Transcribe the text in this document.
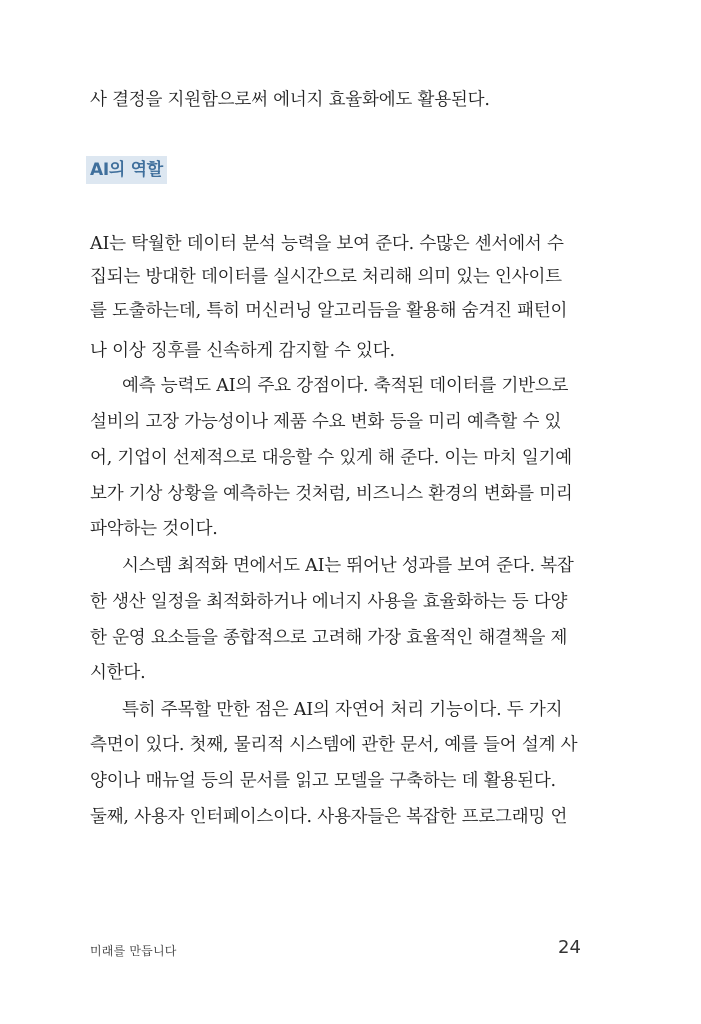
사 결정을 지원함으로써 에너지 효율화에도 활용된다.
AI의 역할
AI는 탁월한 데이터 분석 능력을 보여 준다. 수많은 센서에서 수
집되는 방대한 데이터를 실시간으로 처리해 의미 있는 인사이트
를 도출하는데, 특히 머신러닝 알고리듬을 활용해 숨겨진 패턴이
나 이상 징후를 신속하게 감지할 수 있다.
예측 능력도 AI의 주요 강점이다. 축적된 데이터를 기반으로
설비의 고장 가능성이나 제품 수요 변화 등을 미리 예측할 수 있
어, 기업이 선제적으로 대응할 수 있게 해 준다. 이는 마치 일기예
보가 기상 상황을 예측하는 것처럼, 비즈니스 환경의 변화를 미리
파악하는 것이다.
시스템 최적화 면에서도 AI는 뛰어난 성과를 보여 준다. 복잡
한 생산 일정을 최적화하거나 에너지 사용을 효율화하는 등 다양
한 운영 요소들을 종합적으로 고려해 가장 효율적인 해결책을 제
시한다.
특히 주목할 만한 점은 AI의 자연어 처리 기능이다. 두 가지
측면이 있다. 첫째, 물리적 시스템에 관한 문서, 예를 들어 설계 사
양이나 매뉴얼 등의 문서를 읽고 모델을 구축하는 데 활용된다.
둘째, 사용자 인터페이스이다. 사용자들은 복잡한 프로그래밍 언
미래를 만듭니다	24
